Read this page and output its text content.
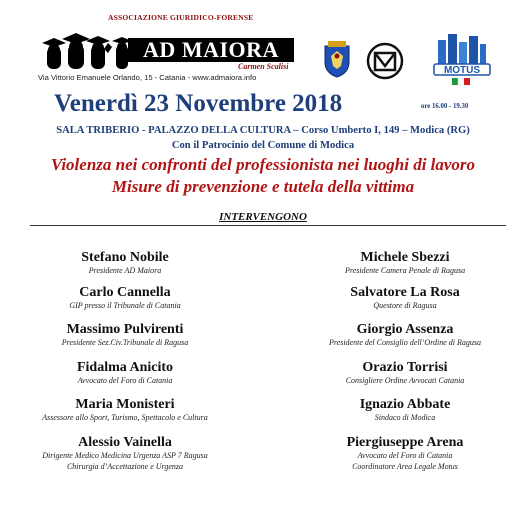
ASSOCIAZIONE GIURIDICO-FORENSE
AD MAIORA
Carmen Scalisi
Via Vittorio Emanuele Orlando, 15 - Catania - www.admaiora.info
MOTUS
Venerdì 23 Novembre 2018	ore 16.00 - 19.30
SALA TRIBERIO - PALAZZO DELLA CULTURA – Corso Umberto I, 149 – Modica (RG)
Con il Patrocinio del Comune di Modica
Violenza nei confronti del professionista nei luoghi di lavoro
Misure di prevenzione e tutela della vittima
INTERVENGONO
Stefano Nobile
Presidente AD Maiora
Carlo Cannella
GIP presso il Tribunale di Catania
Massimo Pulvirenti
Presidente Sez.Civ.Tribunale di Ragusa
Fidalma Anicito
Avvocato del Foro di Catania
Maria Monisteri
Assessore allo Sport, Turismo, Spettacolo e Cultura
Alessio Vainella
Dirigente Medico Medicina Urgenza ASP 7 Ragusa
Chirurgia d’Accettazione e Urgenza
Michele Sbezzi
Presidente Camera Penale di Ragusa
Salvatore La Rosa
Questore di Ragusa
Giorgio Assenza
Presidente del Consiglio dell’Ordine di Ragusa
Orazio Torrisi
Consigliere Ordine Avvocati Catania
Ignazio Abbate
Sindaco di Modica
Piergiuseppe Arena
Avvocato del Foro di Catania
Coordinatore Area Legale Motus
